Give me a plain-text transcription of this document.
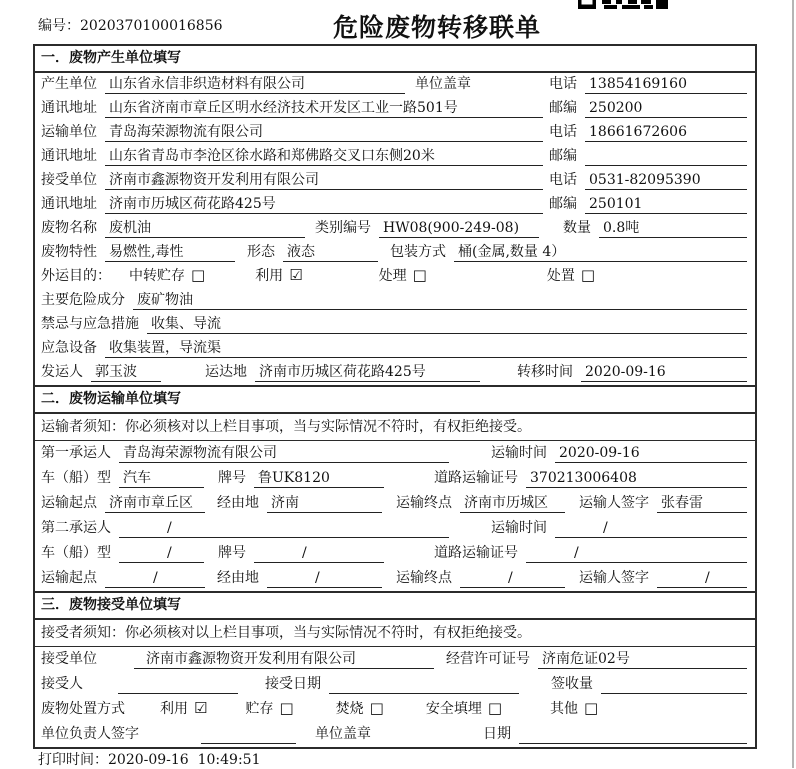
编号：2020370100016856	危险废物转移联单
一．废物产生单位填写
产生单位 山东省永信非织造材料有限公司	单位盖章	电话 13854169160
通讯地址 山东省济南市章丘区明水经济技术开发区工业一路501号	邮编 250200
运输单位 青岛海荣源物流有限公司	电话 18661672606
通讯地址 山东省青岛市李沧区徐水路和郑佛路交叉口东侧20米	邮编
接受单位 济南市鑫源物资开发利用有限公司	电话 0531-82095390
通讯地址 济南市历城区荷花路425号	邮编 250101
废物名称 废机油	类别编号 HW08(900-249-08)	数量 0.8吨
废物特性 易燃性,毒性	形态 液态	包装方式 桶(金属,数量 4）
外运目的： 中转贮存 □	利用 ☑	处理 □	处置 □
主要危险成分 废矿物油
禁忌与应急措施 收集、导流
应急设备 收集装置，导流渠
发运人 郭玉波	运达地 济南市历城区荷花路425号	转移时间 2020-09-16
二．废物运输单位填写
运输者须知：你必须核对以上栏目事项，当与实际情况不符时，有权拒绝接受。
第一承运人 青岛海荣源物流有限公司	运输时间 2020-09-16
车（船）型 汽车	牌号 鲁UK8120	道路运输证号 370213006408
运输起点 济南市章丘区	经由地 济南	运输终点 济南市历城区	运输人签字 张春雷
第二承运人	/	运输时间	/
车（船）型	/	牌号	/	道路运输证号	/
运输起点	/	经由地	/	运输终点	/	运输人签字	/
三．废物接受单位填写
接受者须知：你必须核对以上栏目事项，当与实际情况不符时，有权拒绝接受。
接受单位	济南市鑫源物资开发利用有限公司	经营许可证号 济南危证02号
接受人	接受日期	签收量
废物处置方式	利用 ☑	贮存 □	焚烧 □	安全填埋 □	其他 □
单位负责人签字	单位盖章	日期
打印时间：2020-09-16  10:49:51
